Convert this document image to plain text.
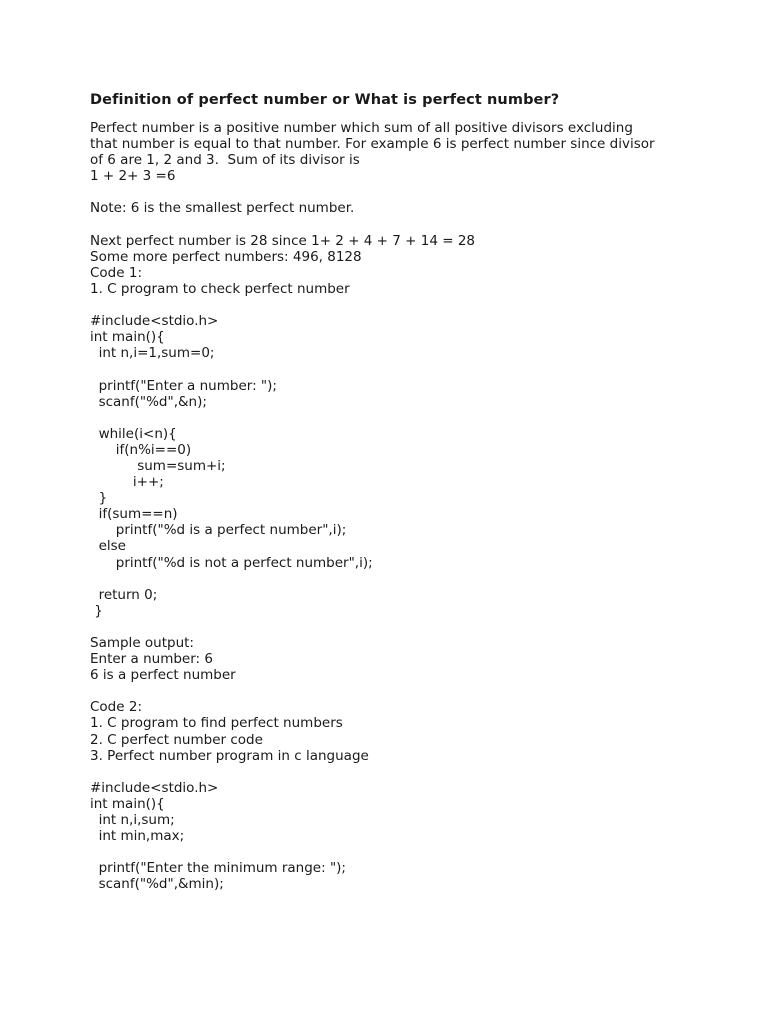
Definition of perfect number or What is perfect number?
Perfect number is a positive number which sum of all positive divisors excluding
that number is equal to that number. For example 6 is perfect number since divisor
of 6 are 1, 2 and 3.  Sum of its divisor is
1 + 2+ 3 =6
Note: 6 is the smallest perfect number.
Next perfect number is 28 since 1+ 2 + 4 + 7 + 14 = 28
Some more perfect numbers: 496, 8128
Code 1:
1. C program to check perfect number
#include<stdio.h>
int main(){
int n,i=1,sum=0;
printf("Enter a number: ");
scanf("%d",&n);
while(i<n){
if(n%i==0)
sum=sum+i;
i++;
}
if(sum==n)
printf("%d is a perfect number",i);
else
printf("%d is not a perfect number",i);
return 0;
}
Sample output:
Enter a number: 6
6 is a perfect number
Code 2:
1. C program to find perfect numbers
2. C perfect number code
3. Perfect number program in c language
#include<stdio.h>
int main(){
int n,i,sum;
int min,max;
printf("Enter the minimum range: ");
scanf("%d",&min);
